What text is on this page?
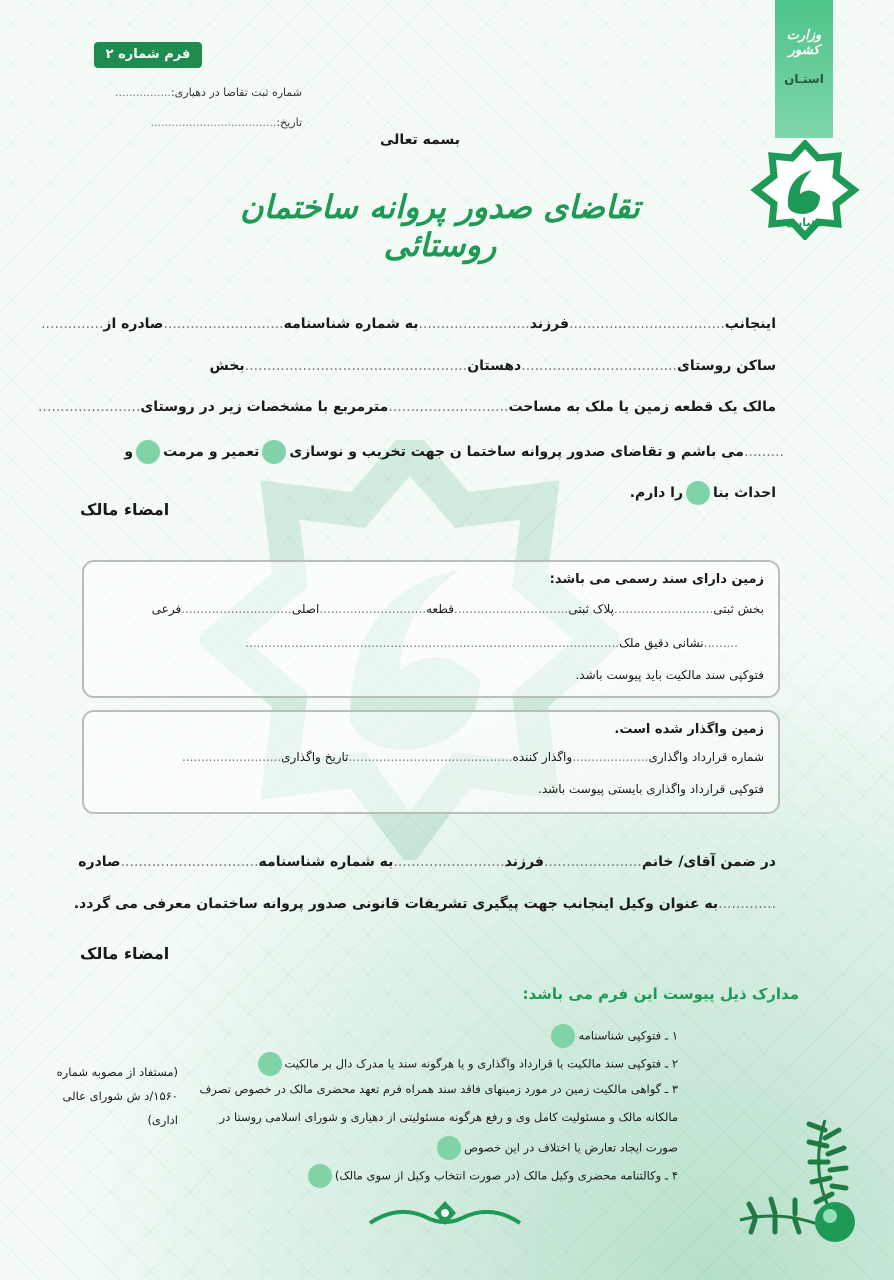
وزارت کشور
استـان
دهیاری
فرم شماره ۲
شماره ثبت تقاضا در دهیاری:................
تاریخ:....................................
بسمه تعالی
تقاضای صدور پروانه ساختمان روستائی
اینجانب...................................فرزند.........................به شماره شناسنامه...........................صادره از..............
ساکن روستای...................................دهستان..................................................بخش
مالک یک قطعه زمین یا ملک به مساحت...........................مترمربع با مشخصات زیر در روستای.......................
.........می باشم و تقاضای صدور پروانه ساختما ن جهت تخریب و نوسازیتعمیر و مرمتو
احداث بنارا دارم.
امضاء مالک
زمین دارای سند رسمی می باشد:
بخش ثبتی..........................پلاک ثبتی..............................قطعه............................اصلی.............................فرعی
.........نشانی دقیق ملک..................................................................................................
فتوکپی سند مالکیت باید پیوست باشد.
زمین واگذار شده است.
شماره قرارداد واگذاری....................واگذار کننده...........................................تاریخ واگذاری..........................
فتوکپی قرارداد واگذاری بایستی پیوست باشد.
در ضمن آقای/ خانم......................فرزند.........................به شماره شناسنامه...............................صادره
.............به عنوان وکیل اینجانب جهت پیگیری تشریفات قانونی صدور پروانه ساختمان معرفی می گردد.
امضاء مالک
مدارک ذیل پیوست این فرم می باشد:
۱ ـ فتوکپی شناسنامه
۲ ـ فتوکپی سند مالکیت یا قرارداد واگذاری و یا هرگونه سند یا مدرک دال بر مالکیت
۳ ـ گواهی مالکیت زمین در مورد زمینهای فاقد سند همراه فرم تعهد محضری مالک در خصوص تصرف
مالکانه مالک و مسئولیت کامل وی و رفع هرگونه مسئولیتی از دهیاری و شورای اسلامی روستا در
صورت ایجاد تعارض یا اختلاف در این خصوص
۴ ـ وکالتنامه محضری وکیل مالک (در صورت انتخاب وکیل از سوی مالک)
(مستفاد از مصوبه شماره
۱۵۶۰/د ش شورای عالی
اداری)
